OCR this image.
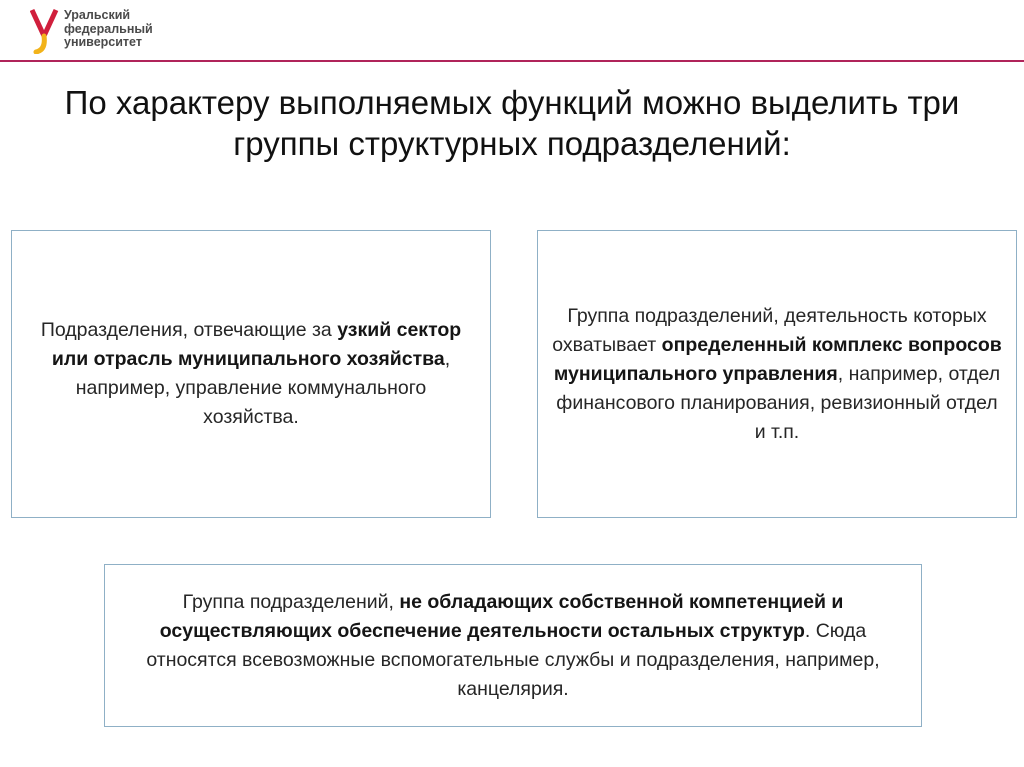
Уральский
федеральный
университет
По характеру выполняемых функций можно выделить три
группы структурных подразделений:
Подразделения, отвечающие за узкий сектор или отрасль муниципального хозяйства, например, управление коммунального хозяйства.
Группа подразделений, деятельность которых охватывает определенный комплекс вопросов муниципального управления, например, отдел финансового планирования, ревизионный отдел и т.п.
Группа подразделений, не обладающих собственной компетенцией и осуществляющих обеспечение деятельности остальных структур. Сюда относятся всевозможные вспомогательные службы и подразделения, например, канцелярия.
